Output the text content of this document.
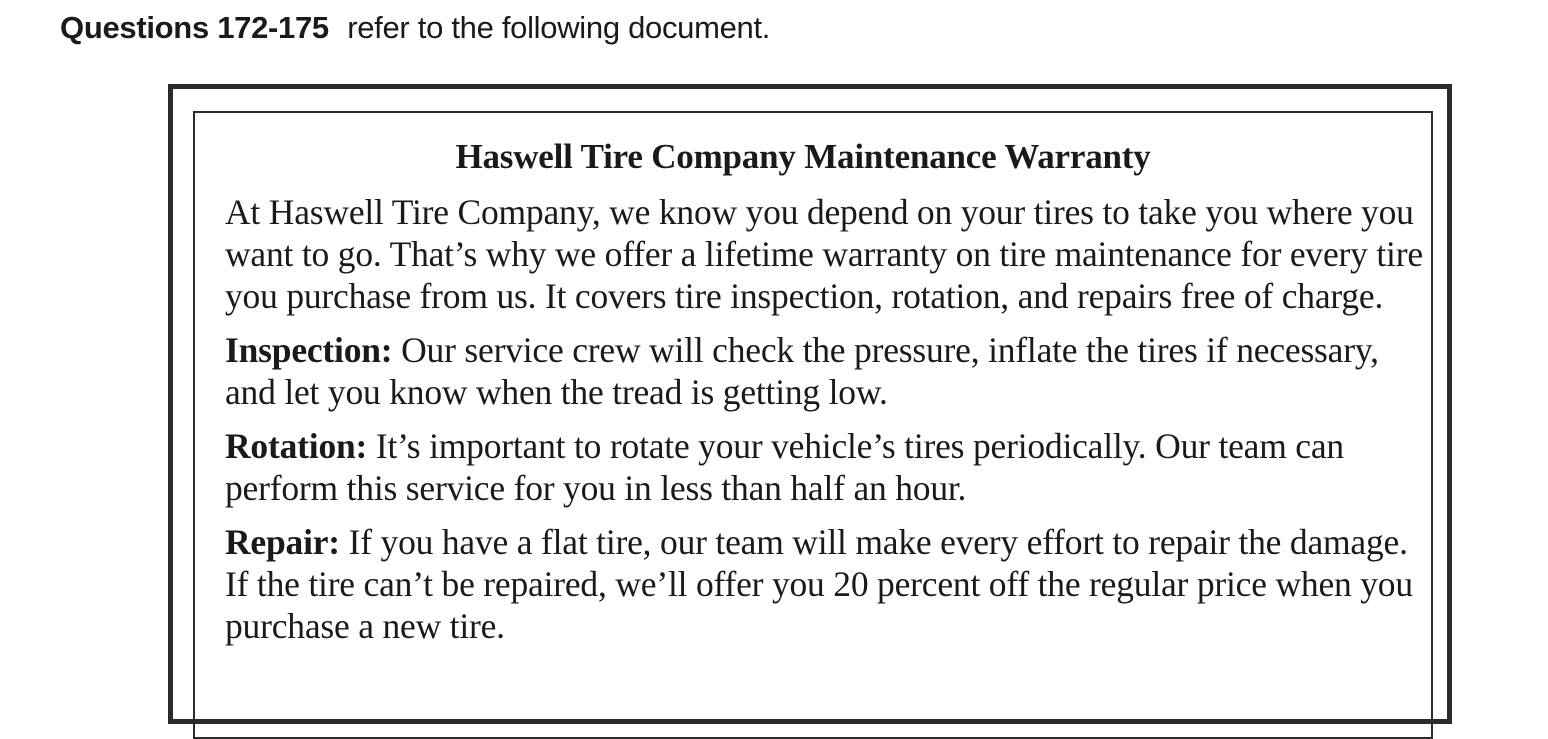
Questions 172-175 refer to the following document.
Haswell Tire Company Maintenance Warranty

At Haswell Tire Company, we know you depend on your tires to take you where you want to go. That’s why we offer a lifetime warranty on tire maintenance for every tire you purchase from us. It covers tire inspection, rotation, and repairs free of charge.

Inspection: Our service crew will check the pressure, inflate the tires if necessary, and let you know when the tread is getting low.

Rotation: It’s important to rotate your vehicle’s tires periodically. Our team can perform this service for you in less than half an hour.

Repair: If you have a flat tire, our team will make every effort to repair the damage. If the tire can’t be repaired, we’ll offer you 20 percent off the regular price when you purchase a new tire.
